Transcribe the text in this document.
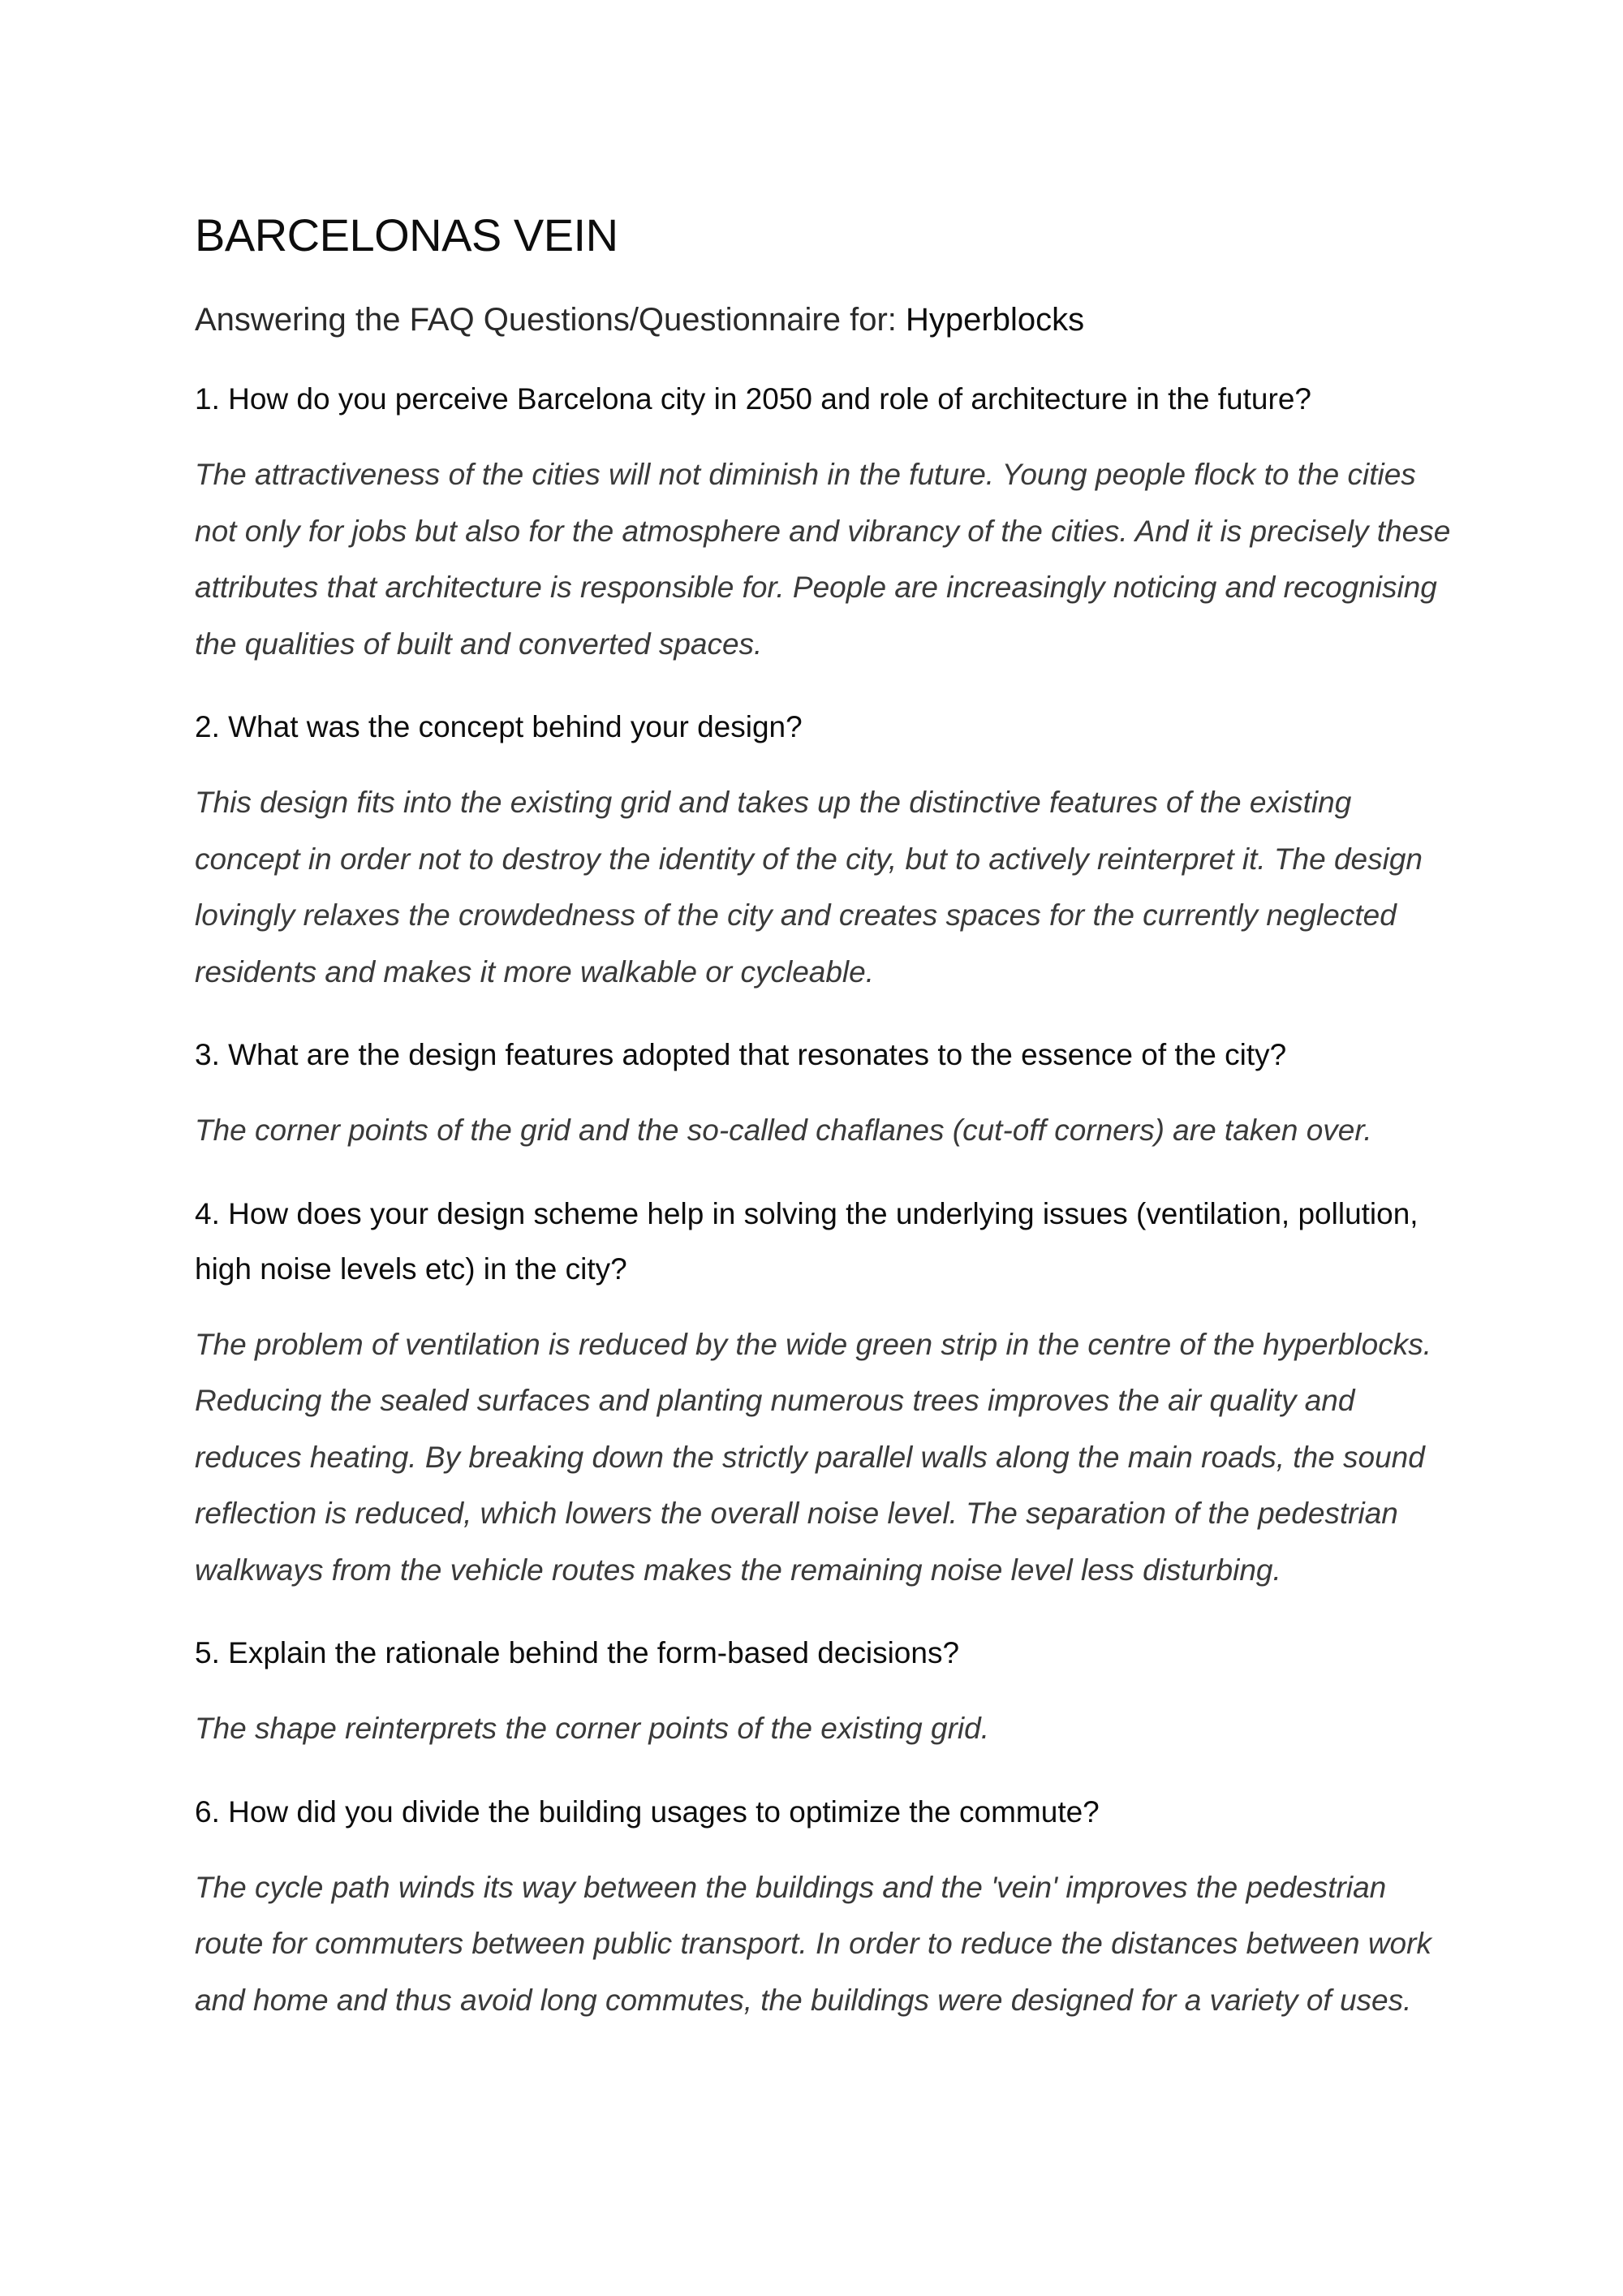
BARCELONAS VEIN
Answering the FAQ Questions/Questionnaire for: Hyperblocks

1. How do you perceive Barcelona city in 2050 and role of architecture in the future?

The attractiveness of the cities will not diminish in the future. Young people flock to the cities not only for jobs but also for the atmosphere and vibrancy of the cities. And it is precisely these attributes that architecture is responsible for. People are increasingly noticing and recognising the qualities of built and converted spaces.

2. What was the concept behind your design?

This design fits into the existing grid and takes up the distinctive features of the existing concept in order not to destroy the identity of the city, but to actively reinterpret it. The design lovingly relaxes the crowdedness of the city and creates spaces for the currently neglected residents and makes it more walkable or cycleable.

3. What are the design features adopted that resonates to the essence of the city?

The corner points of the grid and the so-called chaflanes (cut-off corners) are taken over.

4. How does your design scheme help in solving the underlying issues (ventilation, pollution, high noise levels etc) in the city?

The problem of ventilation is reduced by the wide green strip in the centre of the hyperblocks. Reducing the sealed surfaces and planting numerous trees improves the air quality and reduces heating. By breaking down the strictly parallel walls along the main roads, the sound reflection is reduced, which lowers the overall noise level. The separation of the pedestrian walkways from the vehicle routes makes the remaining noise level less disturbing.

5. Explain the rationale behind the form-based decisions?

The shape reinterprets the corner points of the existing grid.

6. How did you divide the building usages to optimize the commute?

The cycle path winds its way between the buildings and the 'vein' improves the pedestrian route for commuters between public transport. In order to reduce the distances between work and home and thus avoid long commutes, the buildings were designed for a variety of uses.
